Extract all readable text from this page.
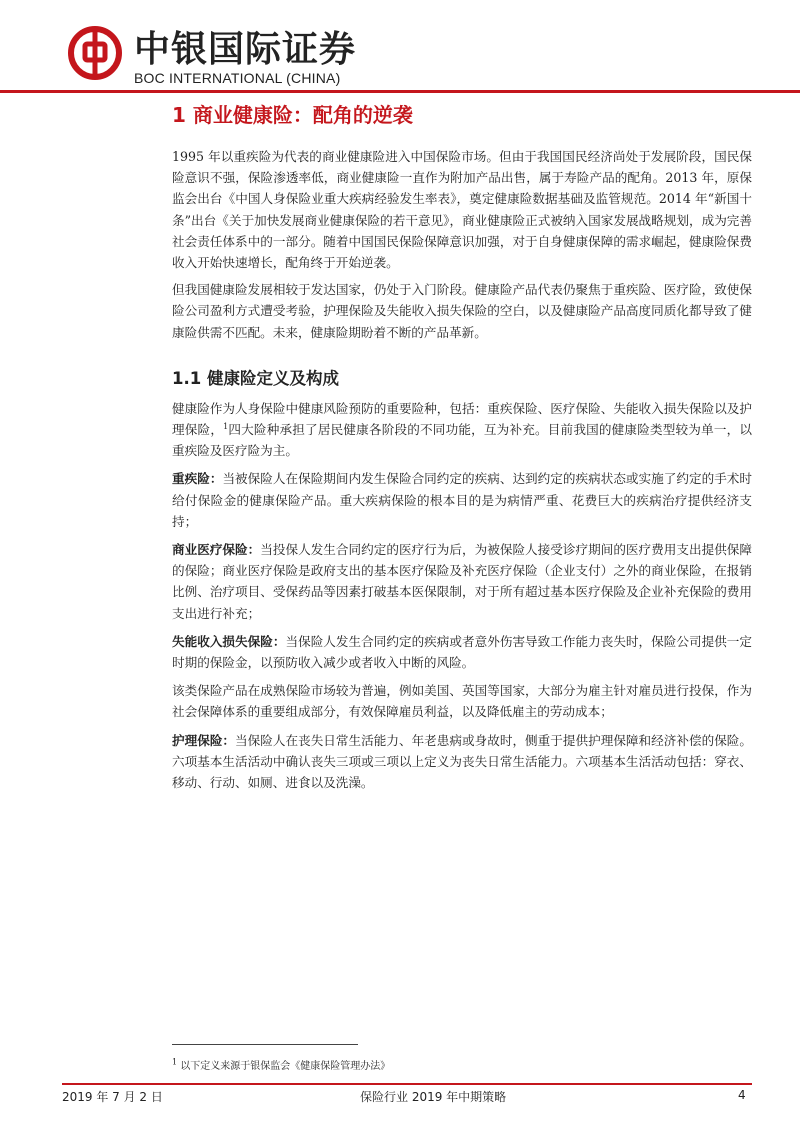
中银国际证券
BOC INTERNATIONAL (CHINA)
1 商业健康险：配角的逆袭

1995 年以重疾险为代表的商业健康险进入中国保险市场。但由于我国国民经济尚处于发展阶段，国民保险意识不强，保险渗透率低，商业健康险一直作为附加产品出售，属于寿险产品的配角。2013 年，原保监会出台《中国人身保险业重大疾病经验发生率表》，奠定健康险数据基础及监管规范。2014 年“新国十条”出台《关于加快发展商业健康保险的若干意见》，商业健康险正式被纳入国家发展战略规划，成为完善社会责任体系中的一部分。随着中国国民保险保障意识加强，对于自身健康保障的需求崛起，健康险保费收入开始快速增长，配角终于开始逆袭。

但我国健康险发展相较于发达国家，仍处于入门阶段。健康险产品代表仍聚焦于重疾险、医疗险，致使保险公司盈利方式遭受考验，护理保险及失能收入损失保险的空白，以及健康险产品高度同质化都导致了健康险供需不匹配。未来，健康险期盼着不断的产品革新。

1.1 健康险定义及构成

健康险作为人身保险中健康风险预防的重要险种，包括：重疾保险、医疗保险、失能收入损失保险以及护理保险，$^1$四大险种承担了居民健康各阶段的不同功能，互为补充。目前我国的健康险类型较为单一，以重疾险及医疗险为主。

重疾险：当被保险人在保险期间内发生保险合同约定的疾病、达到约定的疾病状态或实施了约定的手术时给付保险金的健康保险产品。重大疾病保险的根本目的是为病情严重、花费巨大的疾病治疗提供经济支持；

商业医疗保险：当投保人发生合同约定的医疗行为后，为被保险人接受诊疗期间的医疗费用支出提供保障的保险；商业医疗保险是政府支出的基本医疗保险及补充医疗保险（企业支付）之外的商业保险，在报销比例、治疗项目、受保药品等因素打破基本医保限制，对于所有超过基本医疗保险及企业补充保险的费用支出进行补充；

失能收入损失保险：当保险人发生合同约定的疾病或者意外伤害导致工作能力丧失时，保险公司提供一定时期的保险金，以预防收入减少或者收入中断的风险。

该类保险产品在成熟保险市场较为普遍，例如美国、英国等国家，大部分为雇主针对雇员进行投保，作为社会保障体系的重要组成部分，有效保障雇员利益，以及降低雇主的劳动成本；

护理保险：当保险人在丧失日常生活能力、年老患病或身故时，侧重于提供护理保障和经济补偿的保险。六项基本生活活动中确认丧失三项或三项以上定义为丧失日常生活能力。六项基本生活活动包括：穿衣、移动、行动、如厕、进食以及洗澡。

$^1$ 以下定义来源于银保监会《健康保险管理办法》
2019 年 7 月 2 日	保险行业 2019 年中期策略	4
